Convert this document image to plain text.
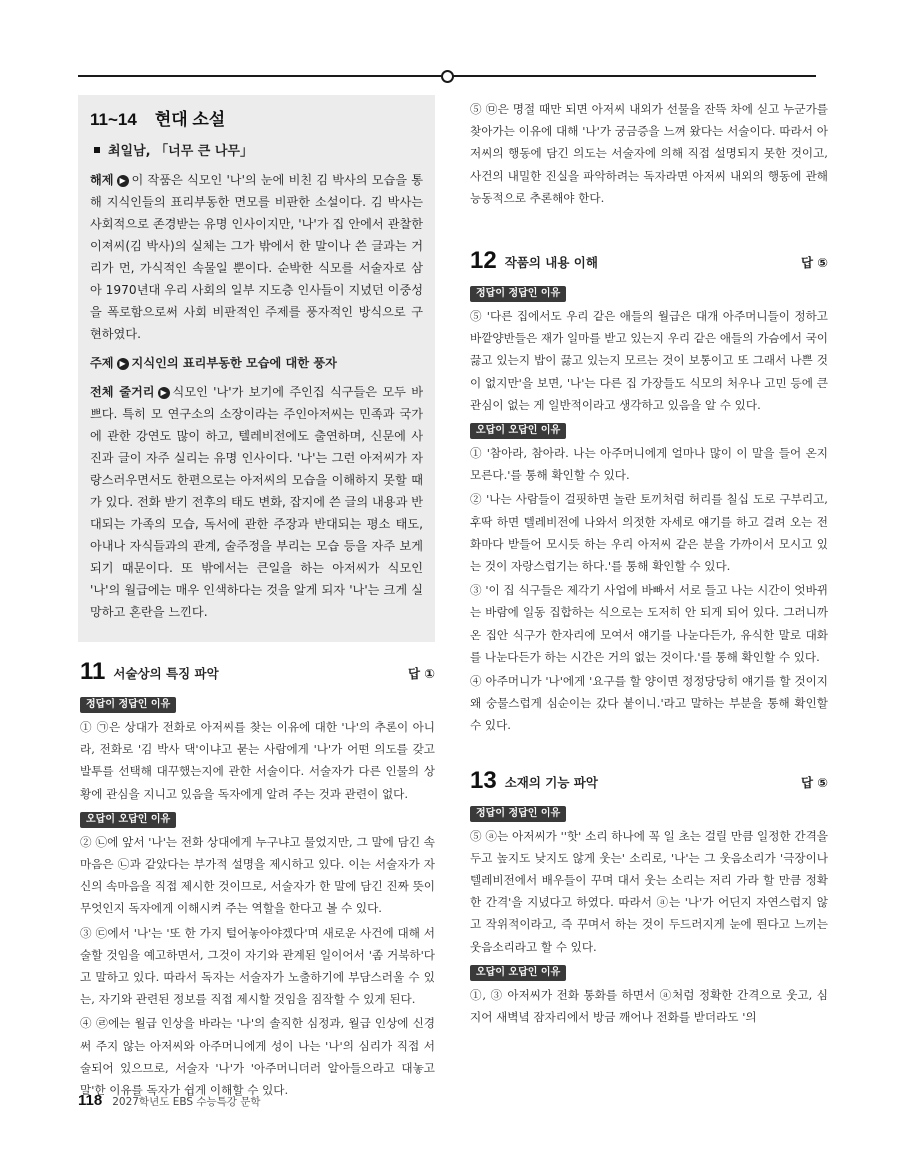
11~14 현대 소설
최일남, 「너무 큰 나무」

해제 ▶ 이 작품은 식모인 '나'의 눈에 비친 김 박사의 모습을 통해 지식인들의 표리부동한 면모를 비판한 소설이다. 김 박사는 사회적으로 존경받는 유명 인사이지만, '나'가 집 안에서 관찰한 이져씨(김 박사)의 실체는 그가 밖에서 한 말이나 쓴 글과는 거리가 먼, 가식적인 속물일 뿐이다. 순박한 식모를 서술자로 삼아 1970년대 우리 사회의 일부 지도층 인사들이 지녔던 이중성을 폭로함으로써 사회 비판적인 주제를 풍자적인 방식으로 구현하였다.

주제 ▶ 지식인의 표리부동한 모습에 대한 풍자

전체 줄거리 ▶ 식모인 '나'가 보기에 주인집 식구들은 모두 바쁘다. 특히 모 연구소의 소장이라는 주인아저씨는 민족과 국가에 관한 강연도 많이 하고, 텔레비전에도 출연하며, 신문에 사진과 글이 자주 실리는 유명 인사이다. '나'는 그런 아저씨가 자랑스러우면서도 한편으로는 아저씨의 모습을 이해하지 못할 때가 있다. 전화 받기 전후의 태도 변화, 잡지에 쓴 글의 내용과 반대되는 가족의 모습, 독서에 관한 주장과 반대되는 평소 태도, 아내나 자식들과의 관계, 술주정을 부리는 모습 등을 자주 보게 되기 때문이다. 또 밖에서는 큰일을 하는 아저씨가 식모인 '나'의 월급에는 매우 인색하다는 것을 알게 되자 '나'는 크게 실망하고 혼란을 느낀다.

11 서술상의 특징 파악	답 ①
정답이 정답인 이유

① ㉠은 상대가 전화로 아저씨를 찾는 이유에 대한 '나'의 추론이 아니라, 전화로 '김 박사 댁'이냐고 묻는 사람에게 '나'가 어떤 의도를 갖고 발투를 선택해 대꾸했는지에 관한 서술이다. 서술자가 다른 인물의 상황에 관심을 지니고 있음을 독자에게 알려 주는 것과 관련이 없다.

오답이 오답인 이유

② ㉡에 앞서 '나'는 전화 상대에게 누구냐고 물었지만, 그 말에 담긴 속마음은 ㉡과 같았다는 부가적 설명을 제시하고 있다. 이는 서술자가 자신의 속마음을 직접 제시한 것이므로, 서술자가 한 말에 담긴 진짜 뜻이 무엇인지 독자에게 이해시켜 주는 역할을 한다고 볼 수 있다.

③ ㉢에서 '나'는 '또 한 가지 털어놓아야겠다'며 새로운 사건에 대해 서술할 것임을 예고하면서, 그것이 자기와 관계된 일이어서 '좀 거북하'다고 말하고 있다. 따라서 독자는 서술자가 노출하기에 부담스러울 수 있는, 자기와 관련된 정보를 직접 제시할 것임을 짐작할 수 있게 된다.

④ ㉣에는 월급 인상을 바라는 '나'의 솔직한 심정과, 월급 인상에 신경 써 주지 않는 아저씨와 아주머니에게 성이 나는 '나'의 심리가 직접 서술되어 있으므로, 서술자 '나'가 '아주머니더러 알아들으라고 대놓고 말'한 이유를 독자가 쉽게 이해할 수 있다.

⑤ ㉤은 명절 때만 되면 아저씨 내외가 선물을 잔뜩 차에 싣고 누군가를 찾아가는 이유에 대해 '나'가 궁금증을 느껴 왔다는 서술이다. 따라서 아저씨의 행동에 담긴 의도는 서술자에 의해 직접 설명되지 못한 것이고, 사건의 내밀한 진실을 파악하려는 독자라면 아저씨 내외의 행동에 관해 능동적으로 추론해야 한다.

12 작품의 내용 이해	답 ⑤
정답이 정답인 이유

⑤ '다른 집에서도 우리 같은 애들의 월급은 대개 아주머니들이 정하고 바깥양반들은 재가 일마를 받고 있는지 우리 같은 애들의 가슴에서 국이 끓고 있는지 밥이 끓고 있는지 모르는 것이 보통이고 또 그래서 나쁜 것이 없지만'을 보면, '나'는 다른 집 가장들도 식모의 처우나 고민 등에 큰 관심이 없는 게 일반적이라고 생각하고 있음을 알 수 있다.

오답이 오답인 이유

① '참아라, 참아라. 나는 아주머니에게 얼마나 많이 이 말을 들어 온지 모른다.'를 통해 확인할 수 있다.

② '나는 사람들이 걸핏하면 놀란 토끼처럼 허리를 칠십 도로 구부리고, 후딱 하면 텔레비전에 나와서 의젓한 자세로 얘기를 하고 걸려 오는 전화마다 받들어 모시듯 하는 우리 아저씨 같은 분을 가까이서 모시고 있는 것이 자랑스럽기는 하다.'를 통해 확인할 수 있다.

③ '이 집 식구들은 제각기 사업에 바빠서 서로 들고 나는 시간이 엇바뀌는 바람에 일동 집합하는 식으로는 도저히 안 되게 되어 있다. 그러니까 온 집안 식구가 한자리에 모여서 얘기를 나눈다든가, 유식한 말로 대화를 나눈다든가 하는 시간은 거의 없는 것이다.'를 통해 확인할 수 있다.

④ 아주머니가 '나'에게 '요구를 할 양이면 정정당당히 얘기를 할 것이지 왜 숭물스럽게 심순이는 갔다 붙이니.'라고 말하는 부분을 통해 확인할 수 있다.

13 소재의 기능 파악	답 ⑤
정답이 정답인 이유

⑤ ⓐ는 아저씨가 ''핫' 소리 하나에 꼭 일 초는 걸릴 만큼 일정한 간격을 두고 높지도 낮지도 않게 웃는' 소리로, '나'는 그 웃음소리가 '극장이나 텔레비전에서 배우들이 꾸며 대서 웃는 소리는 저리 가라 할 만큼 정확한 간격'을 지녔다고 하였다. 따라서 ⓐ는 '나'가 어딘지 자연스럽지 않고 작위적이라고, 즉 꾸며서 하는 것이 두드러지게 눈에 띈다고 느끼는 웃음소리라고 할 수 있다.

오답이 오답인 이유

①, ③ 아저씨가 전화 통화를 하면서 ⓐ처럼 정확한 간격으로 웃고, 심지어 새벽녘 잠자리에서 방금 깨어나 전화를 받더라도 '의

118 2027학년도 EBS 수능특강 문학
